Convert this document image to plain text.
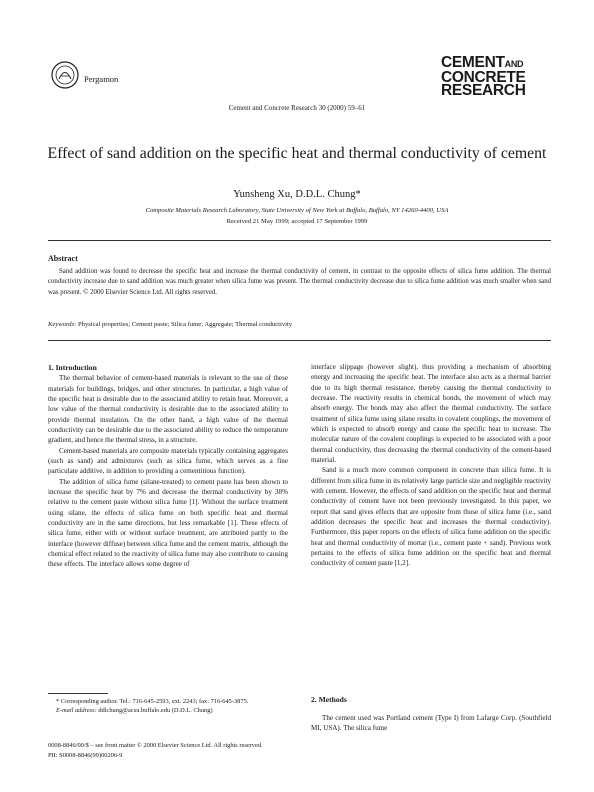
Pergamon
CEMENTAND
CONCRETE
RESEARCH
Cement and Concrete Research 30 (2000) 59–61
Effect of sand addition on the specific heat and thermal conductivity of cement
Yunsheng Xu, D.D.L. Chung*
Composite Materials Research Laboratory, State University of New York at Buffalo, Buffalo, NY 14260-4400, USA
Received 21 May 1999; accepted 17 September 1999
Abstract
Sand addition was found to decrease the specific heat and increase the thermal conductivity of cement, in contrast to the opposite effects of silica fume addition. The thermal conductivity increase due to sand addition was much greater when silica fume was present. The thermal conductivity decrease due to silica fume addition was much smaller when sand was present. © 2000 Elsevier Science Ltd. All rights reserved.
Keywords: Physical properties; Cement paste; Silica fume; Aggregate; Thermal conductivity

1. Introduction

The thermal behavior of cement-based materials is relevant to the use of these materials for buildings, bridges, and other structures. In particular, a high value of the specific heat is desirable due to the associated ability to retain heat. Moreover, a low value of the thermal conductivity is desirable due to the associated ability to provide thermal insulation. On the other hand, a high value of the thermal conductivity can be desirable due to the associated ability to reduce the temperature gradient, and hence the thermal stress, in a structure.

Cement-based materials are composite materials typically containing aggregates (such as sand) and admixtures (such as silica fume, which serves as a fine particulate additive, in addition to providing a cementitious function).

The addition of silica fume (silane-treated) to cement paste has been shown to increase the specific heat by 7% and decrease the thermal conductivity by 38% relative to the cement paste without silica fume [1]. Without the surface treatment using silane, the effects of silica fume on both specific heat and thermal conductivity are in the same directions, but less remarkable [1]. These effects of silica fume, either with or without surface treatment, are attributed partly to the interface (however diffuse) between silica fume and the cement matrix, although the chemical effect related to the reactivity of silica fume may also contribute to causing these effects. The interface allows some degree of

interface slippage (however slight), thus providing a mechanism of absorbing energy and increasing the specific heat. The interface also acts as a thermal barrier due to its high thermal resistance, thereby causing the thermal conductivity to decrease. The reactivity results in chemical bonds, the movement of which may absorb energy. The bonds may also affect the thermal conductivity. The surface treatment of silica fume using silane results in covalent couplings, the movement of which is expected to absorb energy and cause the specific heat to increase. The molecular nature of the covalent couplings is expected to be associated with a poor thermal conductivity, thus decreasing the thermal conductivity of the cement-based material.

Sand is a much more common component in concrete than silica fume. It is different from silica fume in its relatively large particle size and negligible reactivity with cement. However, the effects of sand addition on the specific heat and thermal conductivity of cement have not been previously investigated. In this paper, we report that sand gives effects that are opposite from those of silica fume (i.e., sand addition decreases the specific heat and increases the thermal conductivity). Furthermore, this paper reports on the effects of silica fume addition on the specific heat and thermal conductivity of mortar (i.e., cement paste + sand). Previous work pertains to the effects of silica fume addition on the specific heat and thermal conductivity of cement paste [1,2].

2. Methods
The cement used was Portland cement (Type I) from Lafarge Corp. (Southfield MI, USA). The silica fume
* Corresponding author. Tel.: 716-645-2593, ext. 2243; fax: 716-645-3875.
E-mail address: ddlchung@acsu.buffalo.edu (D.D.L. Chung)
0008-8846/00/$ – see front matter © 2000 Elsevier Science Ltd. All rights reserved.
PII: S0008-8846(99)00206-9
